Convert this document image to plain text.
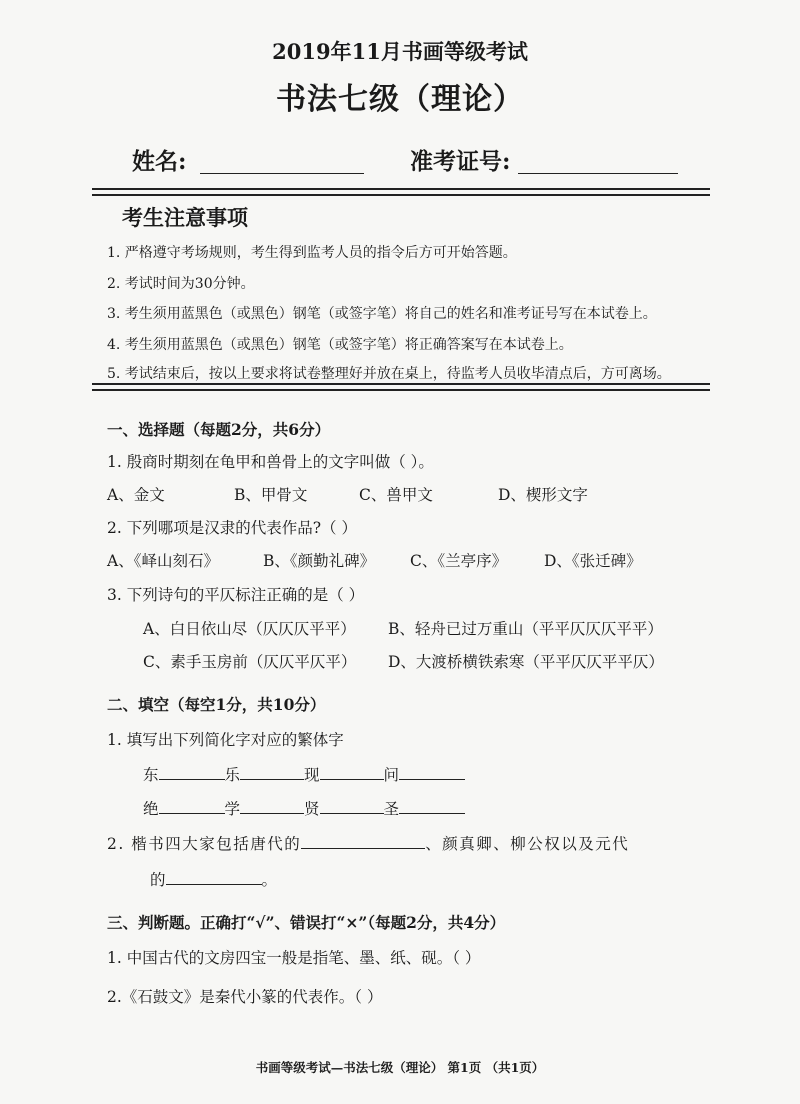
2019年11月书画等级考试
书法七级（理论）
姓名:	准考证号:
考生注意事项
1. 严格遵守考场规则，考生得到监考人员的指令后方可开始答题。
2. 考试时间为30分钟。
3. 考生须用蓝黑色（或黑色）钢笔（或签字笔）将自己的姓名和准考证号写在本试卷上。
4. 考生须用蓝黑色（或黑色）钢笔（或签字笔）将正确答案写在本试卷上。
5. 考试结束后，按以上要求将试卷整理好并放在桌上，待监考人员收毕清点后，方可离场。
一、选择题（每题2分，共6分）
1. 殷商时期刻在龟甲和兽骨上的文字叫做（ ）。
A、金文	B、甲骨文	C、兽甲文	D、楔形文字
2. 下列哪项是汉隶的代表作品?（ ）
A、《峄山刻石》	B、《颜勤礼碑》 C、《兰亭序》 D、《张迁碑》
3. 下列诗句的平仄标注正确的是（ ）
A、白日依山尽（仄仄仄平平） B、轻舟已过万重山（平平仄仄仄平平）
C、素手玉房前（仄仄平仄平） D、大渡桥横铁索寒（平平仄仄平平仄）
二、填空（每空1分，共10分）
1. 填写出下列简化字对应的繁体字
东	乐	现	问
绝	学	贤	圣
2. 楷书四大家包括唐代的	、颜真卿、柳公权以及元代
的	。
三、判断题。正确打“√”、错误打“×”（每题2分，共4分）
1. 中国古代的文房四宝一般是指笔、墨、纸、砚。（ ）
2.《石鼓文》是秦代小篆的代表作。（ ）
书画等级考试—书法七级（理论） 第1页 （共1页）
